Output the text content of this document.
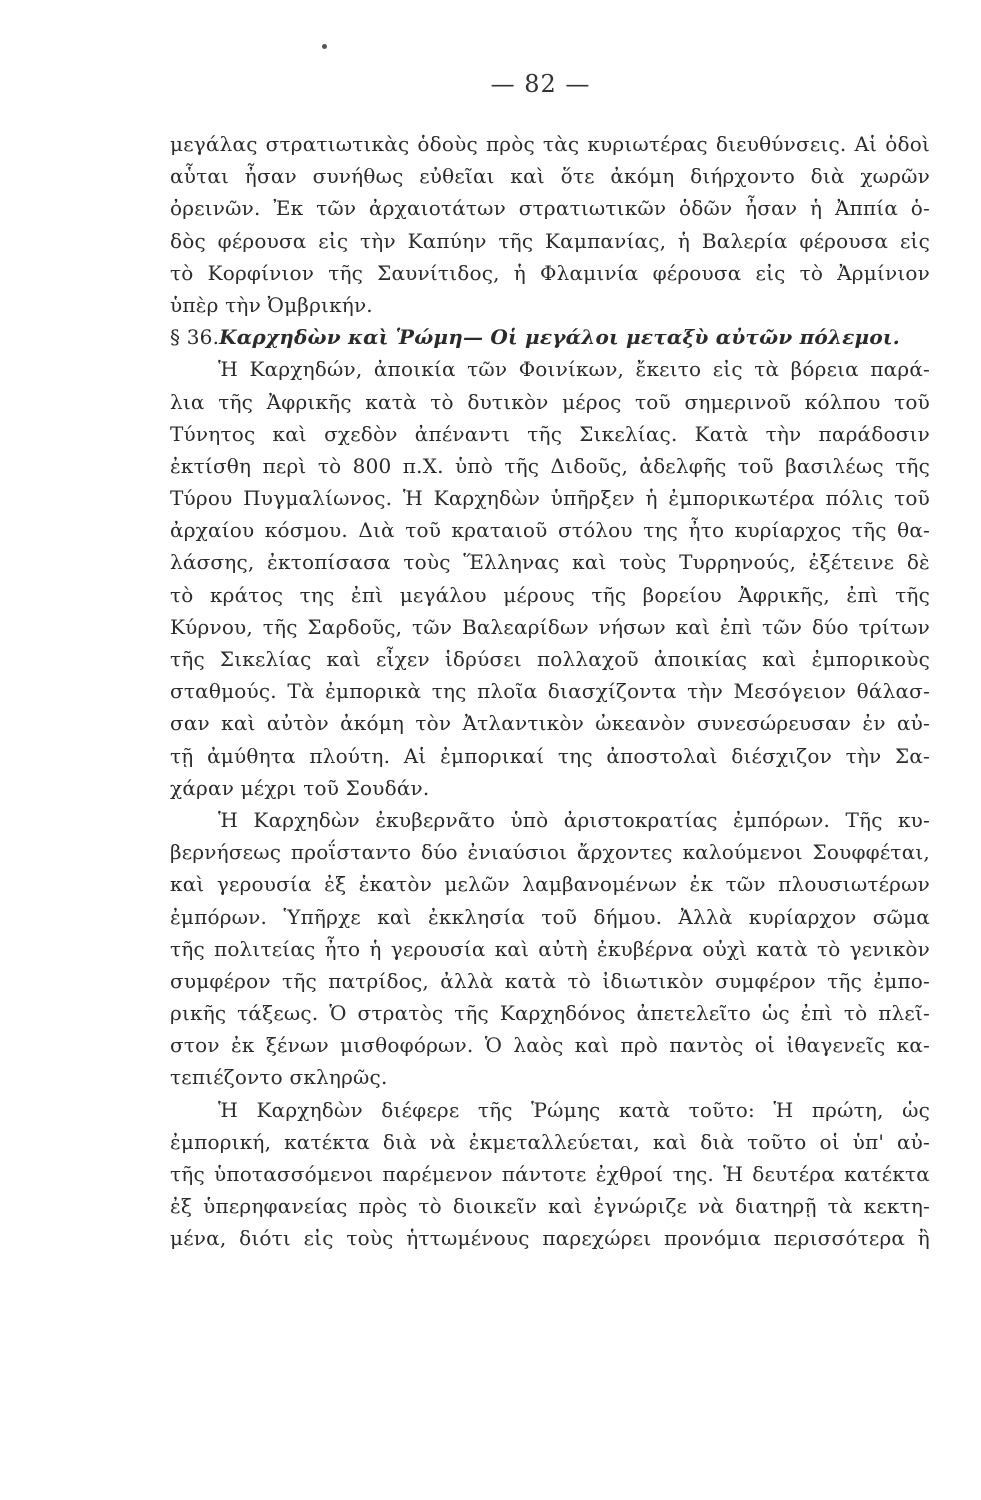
— 82 —
μεγάλας στρατιωτικὰς ὁδοὺς πρὸς τὰς κυριωτέρας διευθύνσεις. Αἱ ὁδοὶ
αὗται ἦσαν συνήθως εὐθεῖαι καὶ ὅτε ἀκόμη διήρχοντο διὰ χωρῶν
ὀρεινῶν. Ἐκ τῶν ἀρχαιοτάτων στρατιωτικῶν ὁδῶν ἦσαν ἡ Ἀππία ὁ-
δὸς φέρουσα εἰς τὴν Καπύην τῆς Καμπανίας, ἡ Βαλερία φέρουσα εἰς
τὸ Κορφίνιον τῆς Σαυνίτιδος, ἡ Φλαμινία φέρουσα εἰς τὸ Ἀρμίνιον
ὑπὲρ τὴν Ὀμβρικήν.
§ 36.Καρχηδὼν καὶ Ῥώμη— Οἱ μεγάλοι μεταξὺ αὐτῶν πόλεμοι.
Ἡ Καρχηδών, ἀποικία τῶν Φοινίκων, ἔκειτο εἰς τὰ βόρεια παρά-
λια τῆς Ἀφρικῆς κατὰ τὸ δυτικὸν μέρος τοῦ σημερινοῦ κόλπου τοῦ
Τύνητος καὶ σχεδὸν ἀπέναντι τῆς Σικελίας. Κατὰ τὴν παράδοσιν
ἐκτίσθη περὶ τὸ 800 π.Χ. ὑπὸ τῆς Διδοῦς, ἀδελφῆς τοῦ βασιλέως τῆς
Τύρου Πυγμαλίωνος. Ἡ Καρχηδὼν ὑπῆρξεν ἡ ἐμπορικωτέρα πόλις τοῦ
ἀρχαίου κόσμου. Διὰ τοῦ κραταιοῦ στόλου της ἦτο κυρίαρχος τῆς θα-
λάσσης, ἐκτοπίσασα τοὺς Ἕλληνας καὶ τοὺς Τυρρηνούς, ἐξέτεινε δὲ
τὸ κράτος της ἐπὶ μεγάλου μέρους τῆς βορείου Ἀφρικῆς, ἐπὶ τῆς
Κύρνου, τῆς Σαρδοῦς, τῶν Βαλεαρίδων νήσων καὶ ἐπὶ τῶν δύο τρίτων
τῆς Σικελίας καὶ εἶχεν ἱδρύσει πολλαχοῦ ἀποικίας καὶ ἐμπορικοὺς
σταθμούς. Τὰ ἐμπορικὰ της πλοῖα διασχίζοντα τὴν Μεσόγειον θάλασ-
σαν καὶ αὐτὸν ἀκόμη τὸν Ἀτλαντικὸν ὠκεανὸν συνεσώρευσαν ἐν αὐ-
τῇ ἀμύθητα πλούτη. Αἱ ἐμπορικαί της ἀποστολαὶ διέσχιζον τὴν Σα-
χάραν μέχρι τοῦ Σουδάν.
Ἡ Καρχηδὼν ἐκυβερνᾶτο ὑπὸ ἀριστοκρατίας ἐμπόρων. Τῆς κυ-
βερνήσεως προΐσταντο δύο ἐνιαύσιοι ἄρχοντες καλούμενοι Σουφφέται,
καὶ γερουσία ἐξ ἑκατὸν μελῶν λαμβανομένων ἐκ τῶν πλουσιωτέρων
ἐμπόρων. Ὑπῆρχε καὶ ἐκκλησία τοῦ δήμου. Ἀλλὰ κυρίαρχον σῶμα
τῆς πολιτείας ἦτο ἡ γερουσία καὶ αὐτὴ ἐκυβέρνα οὐχὶ κατὰ τὸ γενικὸν
συμφέρον τῆς πατρίδος, ἀλλὰ κατὰ τὸ ἰδιωτικὸν συμφέρον τῆς ἐμπο-
ρικῆς τάξεως. Ὁ στρατὸς τῆς Καρχηδόνος ἀπετελεῖτο ὡς ἐπὶ τὸ πλεῖ-
στον ἐκ ξένων μισθοφόρων. Ὁ λαὸς καὶ πρὸ παντὸς οἱ ἰθαγενεῖς κα-
τεπιέζοντο σκληρῶς.
Ἡ Καρχηδὼν διέφερε τῆς Ῥώμης κατὰ τοῦτο: Ἡ πρώτη, ὡς
ἐμπορική, κατέκτα διὰ νὰ ἐκμεταλλεύεται, καὶ διὰ τοῦτο οἱ ὑπ' αὐ-
τῆς ὑποτασσόμενοι παρέμενον πάντοτε ἐχθροί της. Ἡ δευτέρα κατέκτα
ἐξ ὑπερηφανείας πρὸς τὸ διοικεῖν καὶ ἐγνώριζε νὰ διατηρῇ τὰ κεκτη-
μένα, διότι εἰς τοὺς ἡττωμένους παρεχώρει προνόμια περισσότερα ἢ
